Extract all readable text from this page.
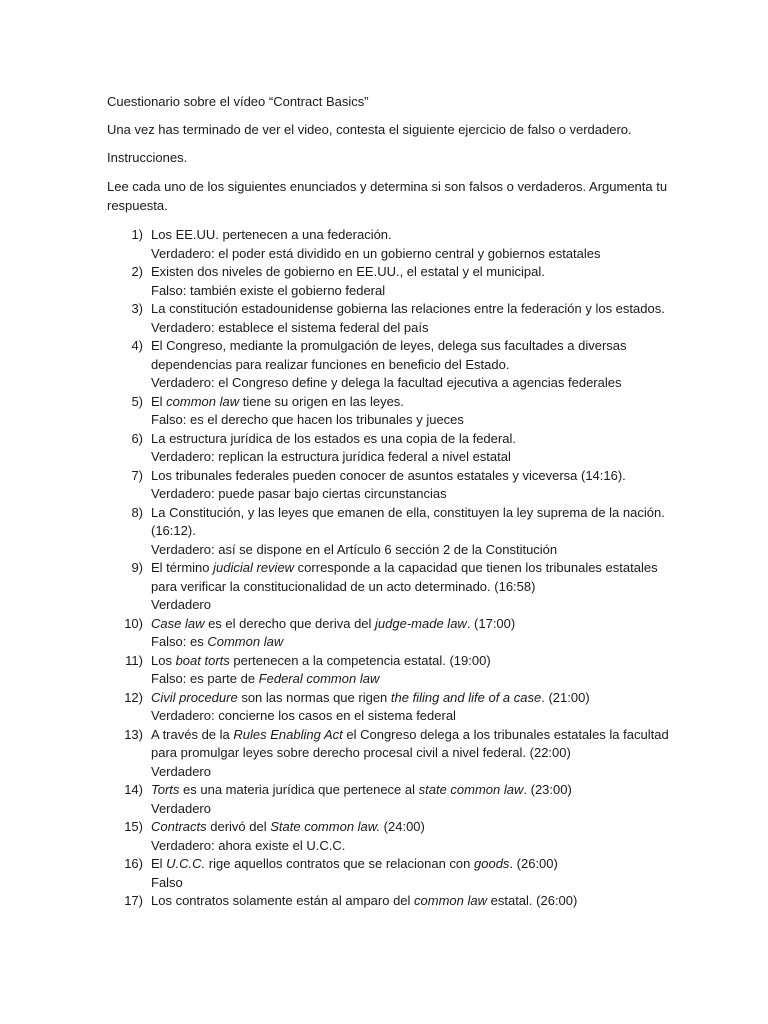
Cuestionario sobre el vídeo “Contract Basics”

Una vez has terminado de ver el video, contesta el siguiente ejercicio de falso o verdadero.

Instrucciones.

Lee cada uno de los siguientes enunciados y determina si son falsos o verdaderos. Argumenta tu
respuesta.

1) Los EE.UU. pertenecen a una federación.
Verdadero: el poder está dividido en un gobierno central y gobiernos estatales
2) Existen dos niveles de gobierno en EE.UU., el estatal y el municipal.
Falso: también existe el gobierno federal
3) La constitución estadounidense gobierna las relaciones entre la federación y los estados.
Verdadero: establece el sistema federal del país
4) El Congreso, mediante la promulgación de leyes, delega sus facultades a diversas
dependencias para realizar funciones en beneficio del Estado.
Verdadero: el Congreso define y delega la facultad ejecutiva a agencias federales
5) El common law tiene su origen en las leyes.
Falso: es el derecho que hacen los tribunales y jueces
6) La estructura jurídica de los estados es una copia de la federal.
Verdadero: replican la estructura jurídica federal a nivel estatal
7) Los tribunales federales pueden conocer de asuntos estatales y viceversa (14:16).
Verdadero: puede pasar bajo ciertas circunstancias
8) La Constitución, y las leyes que emanen de ella, constituyen la ley suprema de la nación.
(16:12).
Verdadero: así se dispone en el Artículo 6 sección 2 de la Constitución
9) El término judicial review corresponde a la capacidad que tienen los tribunales estatales
para verificar la constitucionalidad de un acto determinado. (16:58)
Verdadero
10) Case law es el derecho que deriva del judge-made law. (17:00)
Falso: es Common law
11) Los boat torts pertenecen a la competencia estatal. (19:00)
Falso: es parte de Federal common law
12) Civil procedure son las normas que rigen the filing and life of a case. (21:00)
Verdadero: concierne los casos en el sistema federal
13) A través de la Rules Enabling Act el Congreso delega a los tribunales estatales la facultad
para promulgar leyes sobre derecho procesal civil a nivel federal. (22:00)
Verdadero
14) Torts es una materia jurídica que pertenece al state common law. (23:00)
Verdadero
15) Contracts derivó del State common law. (24:00)
Verdadero: ahora existe el U.C.C.
16) El U.C.C. rige aquellos contratos que se relacionan con goods. (26:00)
Falso
17) Los contratos solamente están al amparo del common law estatal. (26:00)
